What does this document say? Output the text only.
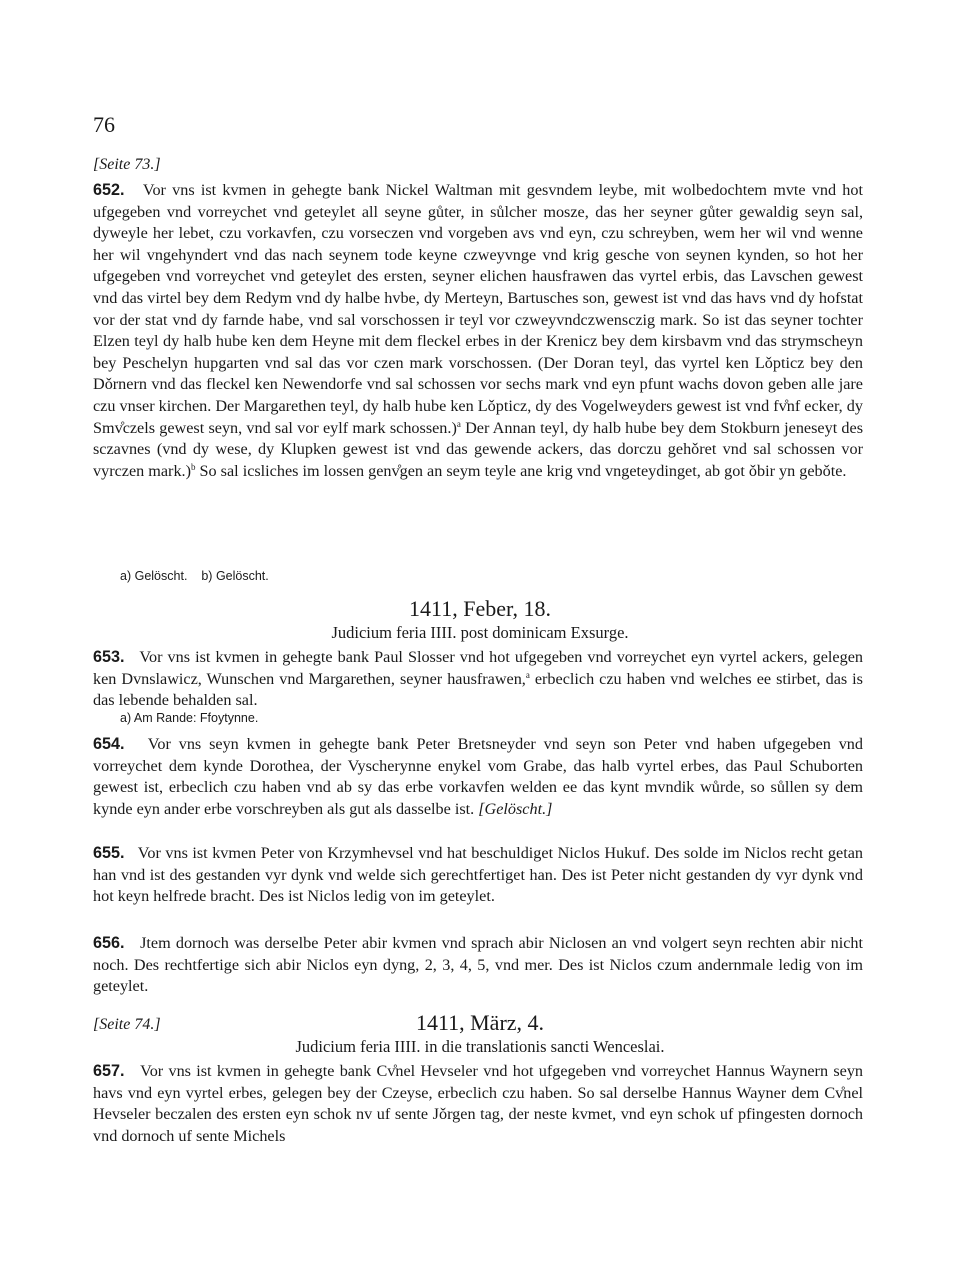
76
[Seite 73.]
652. Vor vns ist kvmen in gehegte bank Nickel Waltman mit gesvndem leybe, mit wolbedochtem mvte vnd hot ufgegeben vnd vorreychet vnd geteylet all seyne gůter, in sůlcher mosze, das her seyner gůter gewaldig seyn sal, dyweyle her lebet, czu vorkavfen, czu vorseczen vnd vorgeben avs vnd eyn, czu schreyben, wem her wil vnd wenne her wil vngehyndert vnd das nach seynem tode keyne czweyvnge vnd krig gesche von seynen kynden, so hot her ufgegeben vnd vorreychet vnd geteylet des ersten, seyner elichen hausfrawen das vyrtel erbis, das Lavschen gewest vnd das virtel bey dem Redym vnd dy halbe hvbe, dy Merteyn, Bartusches son, gewest ist vnd das havs vnd dy hofstat vor der stat vnd dy farnde habe, vnd sal vorschossen ir teyl vor czweyvndczwensczig mark. So ist das seyner tochter Elzen teyl dy halb hube ken dem Heyne mit dem fleckel erbes in der Krenicz bey dem kirsbavm vnd das strymscheyn bey Peschelyn hupgarten vnd sal das vor czen mark vorschossen. (Der Doran teyl, das vyrtel ken Lǒpticz bey den Dǒrnern vnd das fleckel ken Newendorfe vnd sal schossen vor sechs mark vnd eyn pfunt wachs dovon geben alle jare czu vnser kirchen. Der Margarethen teyl, dy halb hube ken Lǒpticz, dy des Vogelweyders gewest ist vnd fv̊nf ecker, dy Smv̊czels gewest seyn, vnd sal vor eylf mark schossen.)$^a$ Der Annan teyl, dy halb hube bey dem Stokburn jeneseyt des sczavnes (vnd dy wese, dy Klupken gewest ist vnd das gewende ackers, das dorczu gehǒret vnd sal schossen vor vyrczen mark.)$^b$ So sal icsliches im lossen genv̊gen an seym teyle ane krig vnd vngeteydinget, ab got ǒbir yn gebǒte.
a) Gelöscht. b) Gelöscht.
1411, Feber, 18.
Judicium feria IIII. post dominicam Exsurge.
653. Vor vns ist kvmen in gehegte bank Paul Slosser vnd hot ufgegeben vnd vorreychet eyn vyrtel ackers, gelegen ken Dvnslawicz, Wunschen vnd Margarethen, seyner hausfrawen,$^a$ erbeclich czu haben vnd welches ee stirbet, das is das lebende behalden sal.
a) Am Rande: Ffoytynne.
654. Vor vns seyn kvmen in gehegte bank Peter Bretsneyder vnd seyn son Peter vnd haben ufgegeben vnd vorreychet dem kynde Dorothea, der Vyscherynne enykel vom Grabe, das halb vyrtel erbes, das Paul Schuborten gewest ist, erbeclich czu haben vnd ab sy das erbe vorkavfen welden ee das kynt mvndik wůrde, so sůllen sy dem kynde eyn ander erbe vorschreyben als gut als dasselbe ist. [Gelöscht.]
655. Vor vns ist kvmen Peter von Krzymhevsel vnd hat beschuldiget Niclos Hukuf. Des solde im Niclos recht getan han vnd ist des gestanden vyr dynk vnd welde sich gerechtfertiget han. Des ist Peter nicht gestanden dy vyr dynk vnd hot keyn helfrede bracht. Des ist Niclos ledig von im geteylet.
656. Jtem dornoch was derselbe Peter abir kvmen vnd sprach abir Niclosen an vnd volgert seyn rechten abir nicht noch. Des rechtfertige sich abir Niclos eyn dyng, 2, 3, 4, 5, vnd mer. Des ist Niclos czum andernmale ledig von im geteylet.
[Seite 74.]	1411, März, 4.
Judicium feria IIII. in die translationis sancti Wenceslai.
657. Vor vns ist kvmen in gehegte bank Cv̊nel Hevseler vnd hot ufgegeben vnd vorreychet Hannus Waynern seyn havs vnd eyn vyrtel erbes, gelegen bey der Czeyse, erbeclich czu haben. So sal derselbe Hannus Wayner dem Cv̊nel Hevseler beczalen des ersten eyn schok nv uf sente Jǒrgen tag, der neste kvmet, vnd eyn schok uf pfingesten dornoch vnd dornoch uf sente Michels
